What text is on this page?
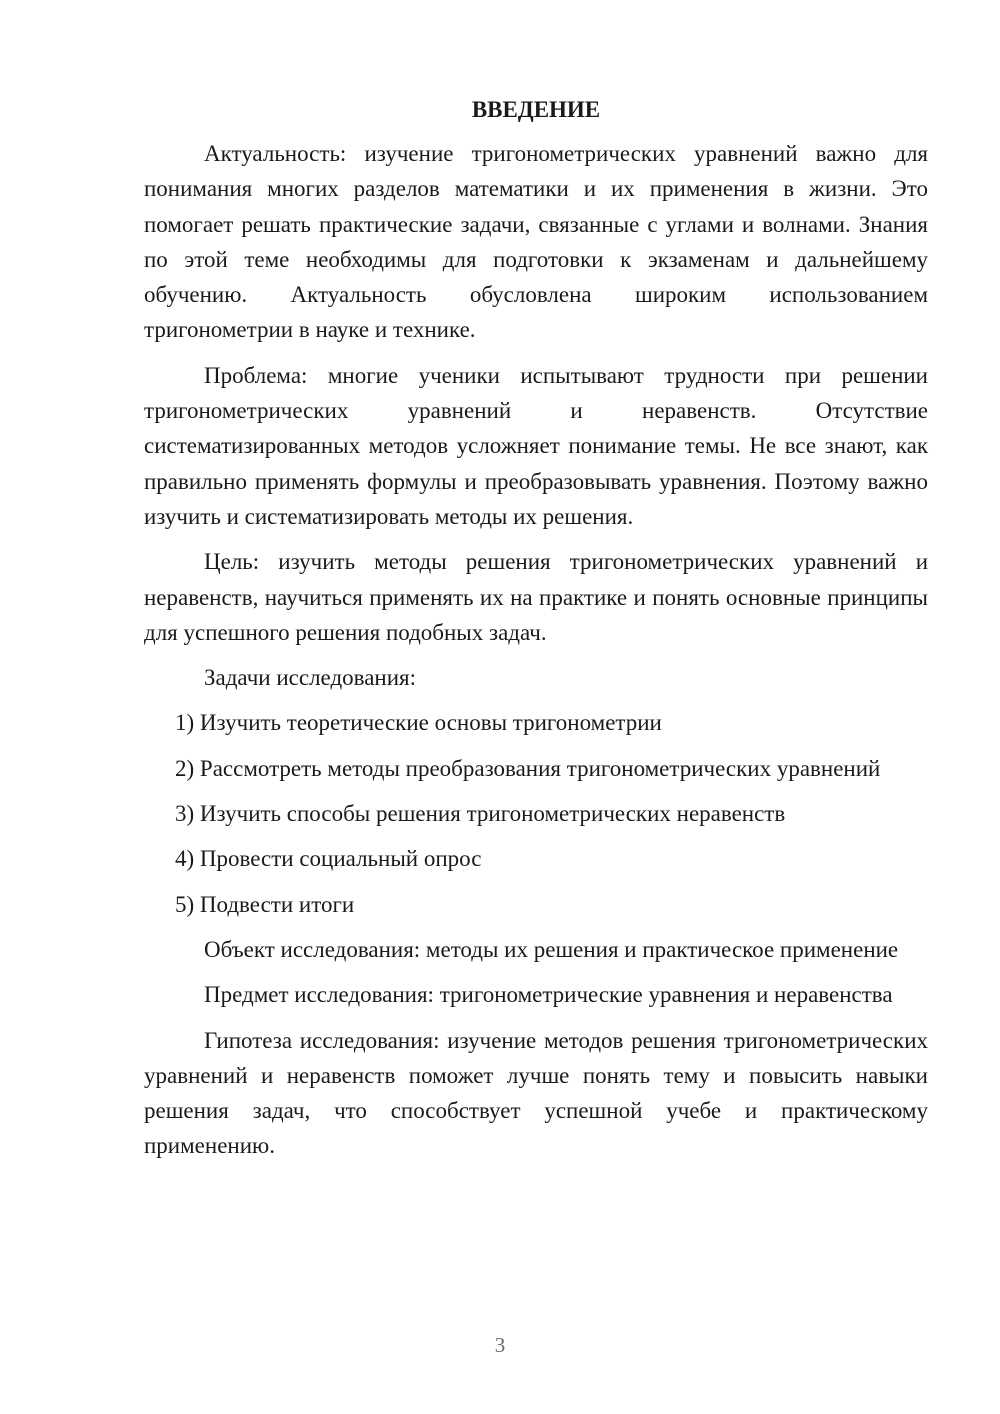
ВВЕДЕНИЕ

Актуальность: изучение тригонометрических уравнений важно для понимания многих разделов математики и их применения в жизни. Это помогает решать практические задачи, связанные с углами и волнами. Знания по этой теме необходимы для подготовки к экзаменам и дальнейшему обучению. Актуальность обусловлена широким использованием тригонометрии в науке и технике.

Проблема: многие ученики испытывают трудности при решении тригонометрических уравнений и неравенств. Отсутствие систематизированных методов усложняет понимание темы. Не все знают, как правильно применять формулы и преобразовывать уравнения. Поэтому важно изучить и систематизировать методы их решения.

Цель: изучить методы решения тригонометрических уравнений и неравенств, научиться применять их на практике и понять основные принципы для успешного решения подобных задач.

Задачи исследования:

1) Изучить теоретические основы тригонометрии

2) Рассмотреть методы преобразования тригонометрических уравнений

3) Изучить способы решения тригонометрических неравенств

4) Провести социальный опрос

5) Подвести итоги

Объект исследования: методы их решения и практическое применение

Предмет исследования: тригонометрические уравнения и неравенства

Гипотеза исследования: изучение методов решения тригонометрических уравнений и неравенств поможет лучше понять тему и повысить навыки решения задач, что способствует успешной учебе и практическому применению.

3
